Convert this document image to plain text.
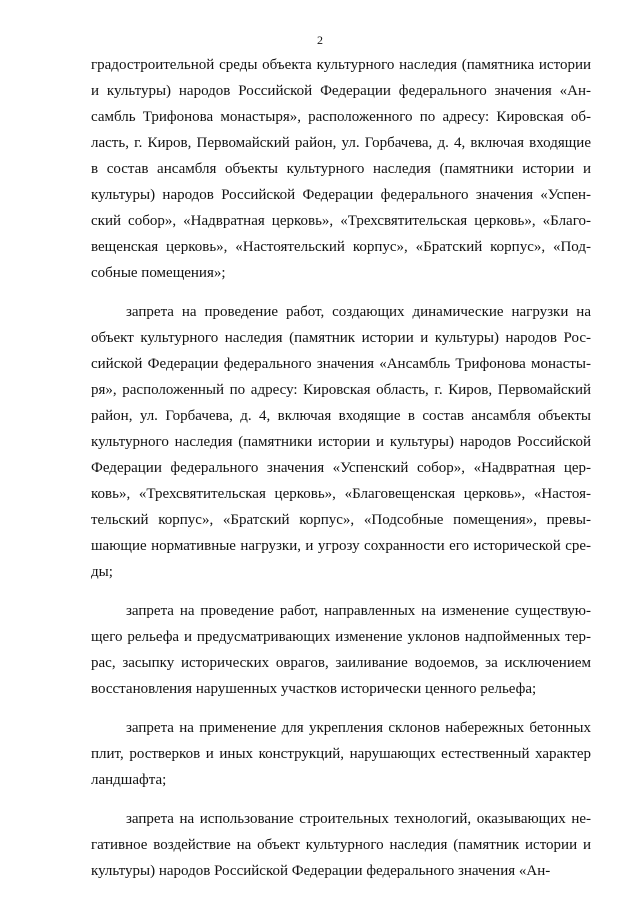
2
градостроительной среды объекта культурного наследия (памятника истории
и культуры) народов Российской Федерации федерального значения «Ан-
самбль Трифонова монастыря», расположенного по адресу: Кировская об-
ласть, г. Киров, Первомайский район, ул. Горбачева, д. 4, включая входящие
в состав ансамбля объекты культурного наследия (памятники истории и
культуры) народов Российской Федерации федерального значения «Успен-
ский собор», «Надвратная церковь», «Трехсвятительская церковь», «Благо-
вещенская церковь», «Настоятельский корпус», «Братский корпус», «Под-
собные помещения»;
запрета на проведение работ, создающих динамические нагрузки на
объект культурного наследия (памятник истории и культуры) народов Рос-
сийской Федерации федерального значения «Ансамбль Трифонова монасты-
ря», расположенный по адресу: Кировская область, г. Киров, Первомайский
район, ул. Горбачева, д. 4, включая входящие в состав ансамбля объекты
культурного наследия (памятники истории и культуры) народов Российской
Федерации федерального значения «Успенский собор», «Надвратная цер-
ковь», «Трехсвятительская церковь», «Благовещенская церковь», «Настоя-
тельский корпус», «Братский корпус», «Подсобные помещения», превы-
шающие нормативные нагрузки, и угрозу сохранности его исторической сре-
ды;
запрета на проведение работ, направленных на изменение существую-
щего рельефа и предусматривающих изменение уклонов надпойменных тер-
рас, засыпку исторических оврагов, заиливание водоемов, за исключением
восстановления нарушенных участков исторически ценного рельефа;
запрета на применение для укрепления склонов набережных бетонных
плит, ростверков и иных конструкций, нарушающих естественный характер
ландшафта;
запрета на использование строительных технологий, оказывающих не-
гативное воздействие на объект культурного наследия (памятник истории и
культуры) народов Российской Федерации федерального значения «Ан-
